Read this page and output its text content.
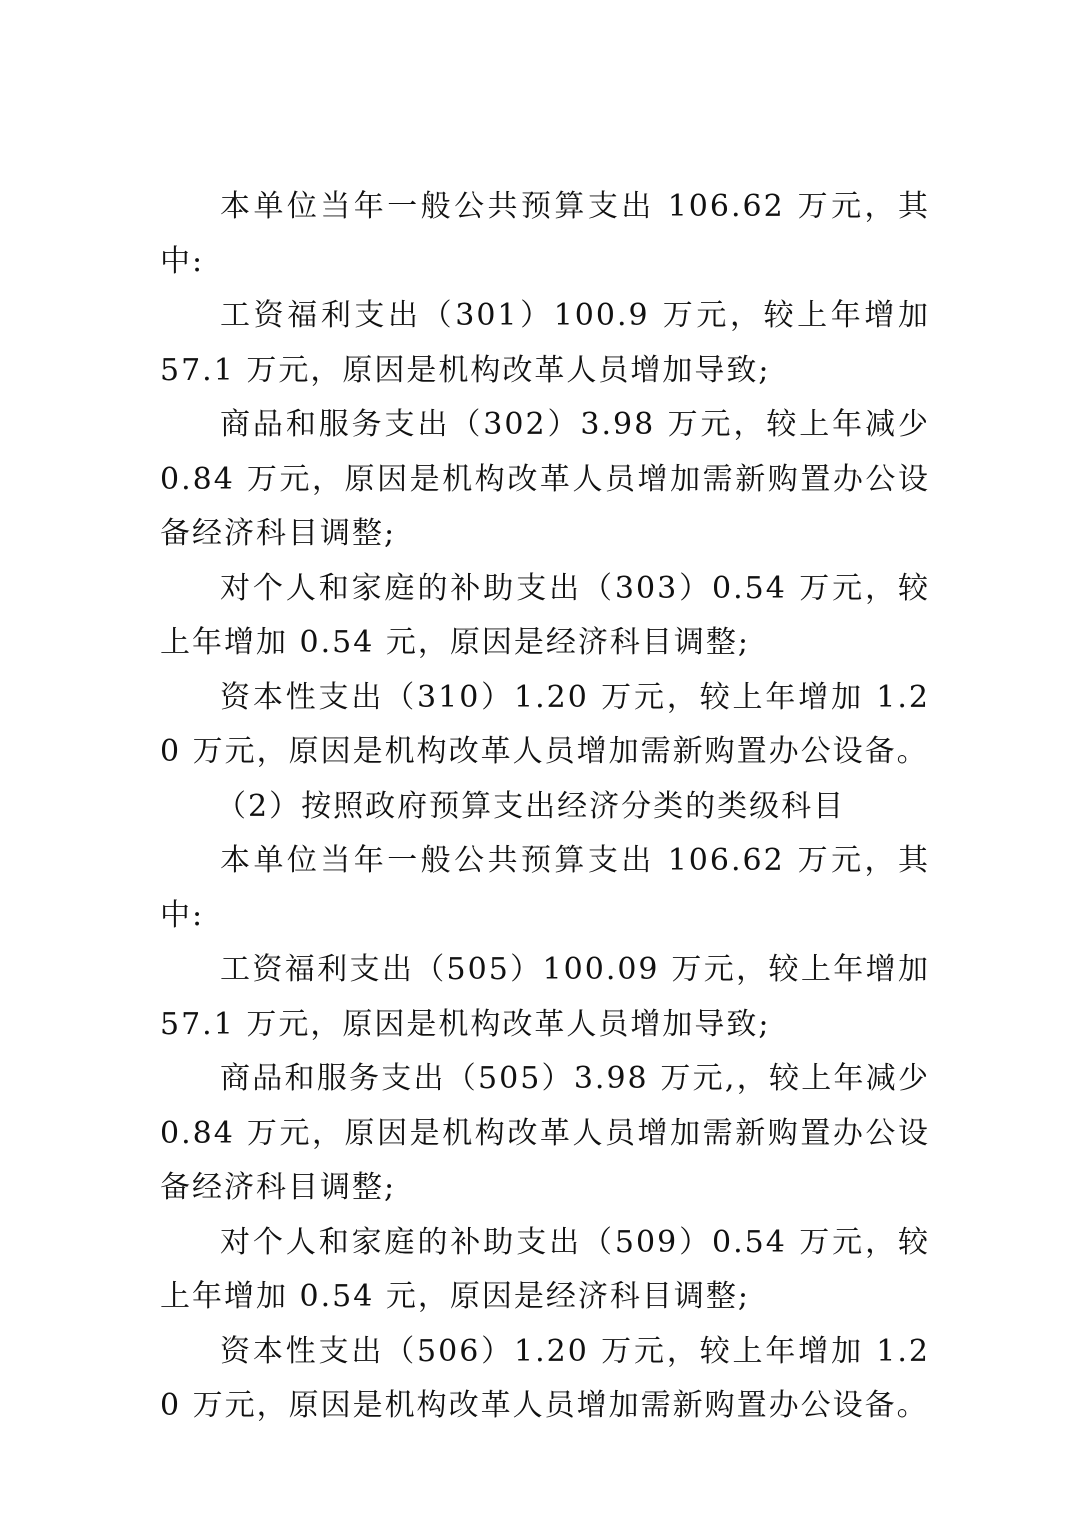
本单位当年一般公共预算支出 106.62 万元，其中:

工资福利支出（301）100.9 万元，较上年增加 57.1 万元，原因是机构改革人员增加导致;

商品和服务支出（302）3.98 万元，较上年减少 0.84 万元，原因是机构改革人员增加需新购置办公设备经济科目调整;

对个人和家庭的补助支出（303）0.54 万元，较上年增加 0.54 元，原因是经济科目调整;

资本性支出（310）1.20 万元，较上年增加 1.20 万元，原因是机构改革人员增加需新购置办公设备。

（2）按照政府预算支出经济分类的类级科目

本单位当年一般公共预算支出 106.62 万元，其中:

工资福利支出（505）100.09 万元，较上年增加 57.1 万元，原因是机构改革人员增加导致;

商品和服务支出（505）3.98 万元,，较上年减少 0.84 万元，原因是机构改革人员增加需新购置办公设备经济科目调整;

对个人和家庭的补助支出（509）0.54 万元，较上年增加 0.54 元，原因是经济科目调整;

资本性支出（506）1.20 万元，较上年增加 1.20 万元，原因是机构改革人员增加需新购置办公设备。
